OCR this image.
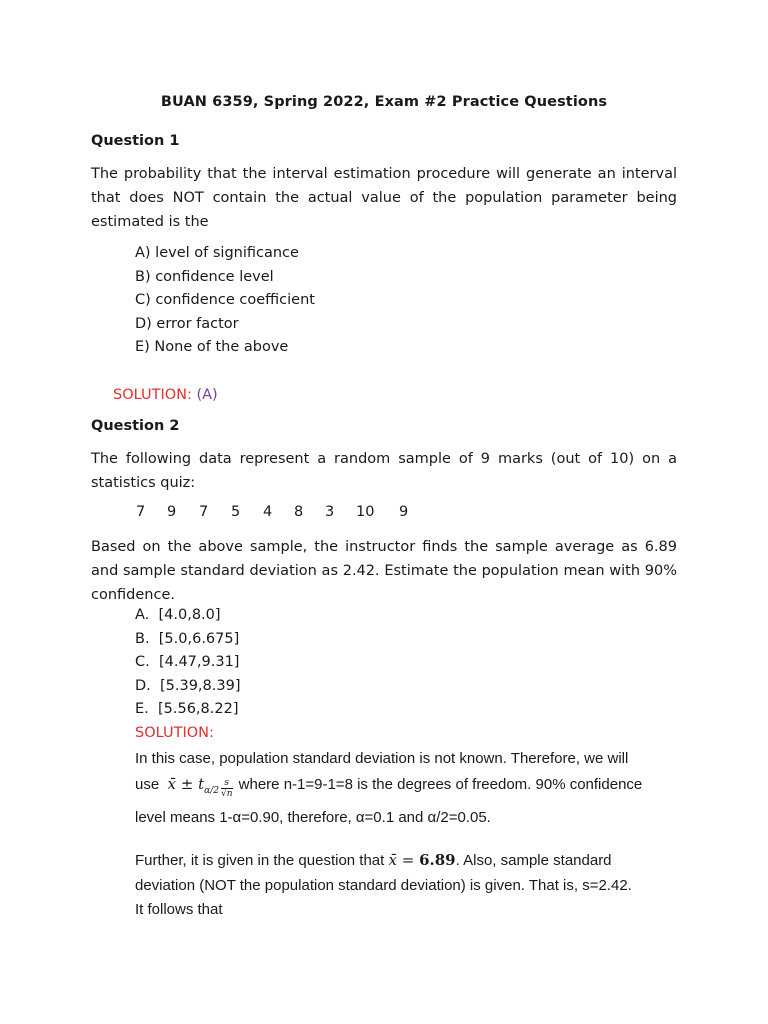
BUAN 6359, Spring 2022, Exam #2 Practice Questions
Question 1
The probability that the interval estimation procedure will generate an interval that does NOT contain the actual value of the population parameter being estimated is the
A) level of significance
B) confidence level
C) confidence coefficient
D) error factor
E) None of the above
SOLUTION: (A)
Question 2
The following data represent a random sample of 9 marks (out of 10) on a statistics quiz:
7 9 7 5 4 8 3 10 9
Based on the above sample, the instructor finds the sample average as 6.89 and sample standard deviation as 2.42. Estimate the population mean with 90% confidence.
A.  [4.0,8.0]
B.  [5.0,6.675]
C.  [4.47,9.31]
D.  [5.39,8.39]
E.  [5.56,8.22]
SOLUTION:
In this case, population standard deviation is not known. Therefore, we will
use x̄ ± $t_{\alpha/2} \frac{s}{√n}$ where n-1=9-1=8 is the degrees of freedom. 90% confidence
level means 1-α=0.90, therefore, α=0.1 and α/2=0.05.
Further, it is given in the question that x̄ = 6.89. Also, sample standard
deviation (NOT the population standard deviation) is given. That is, s=2.42.
It follows that
